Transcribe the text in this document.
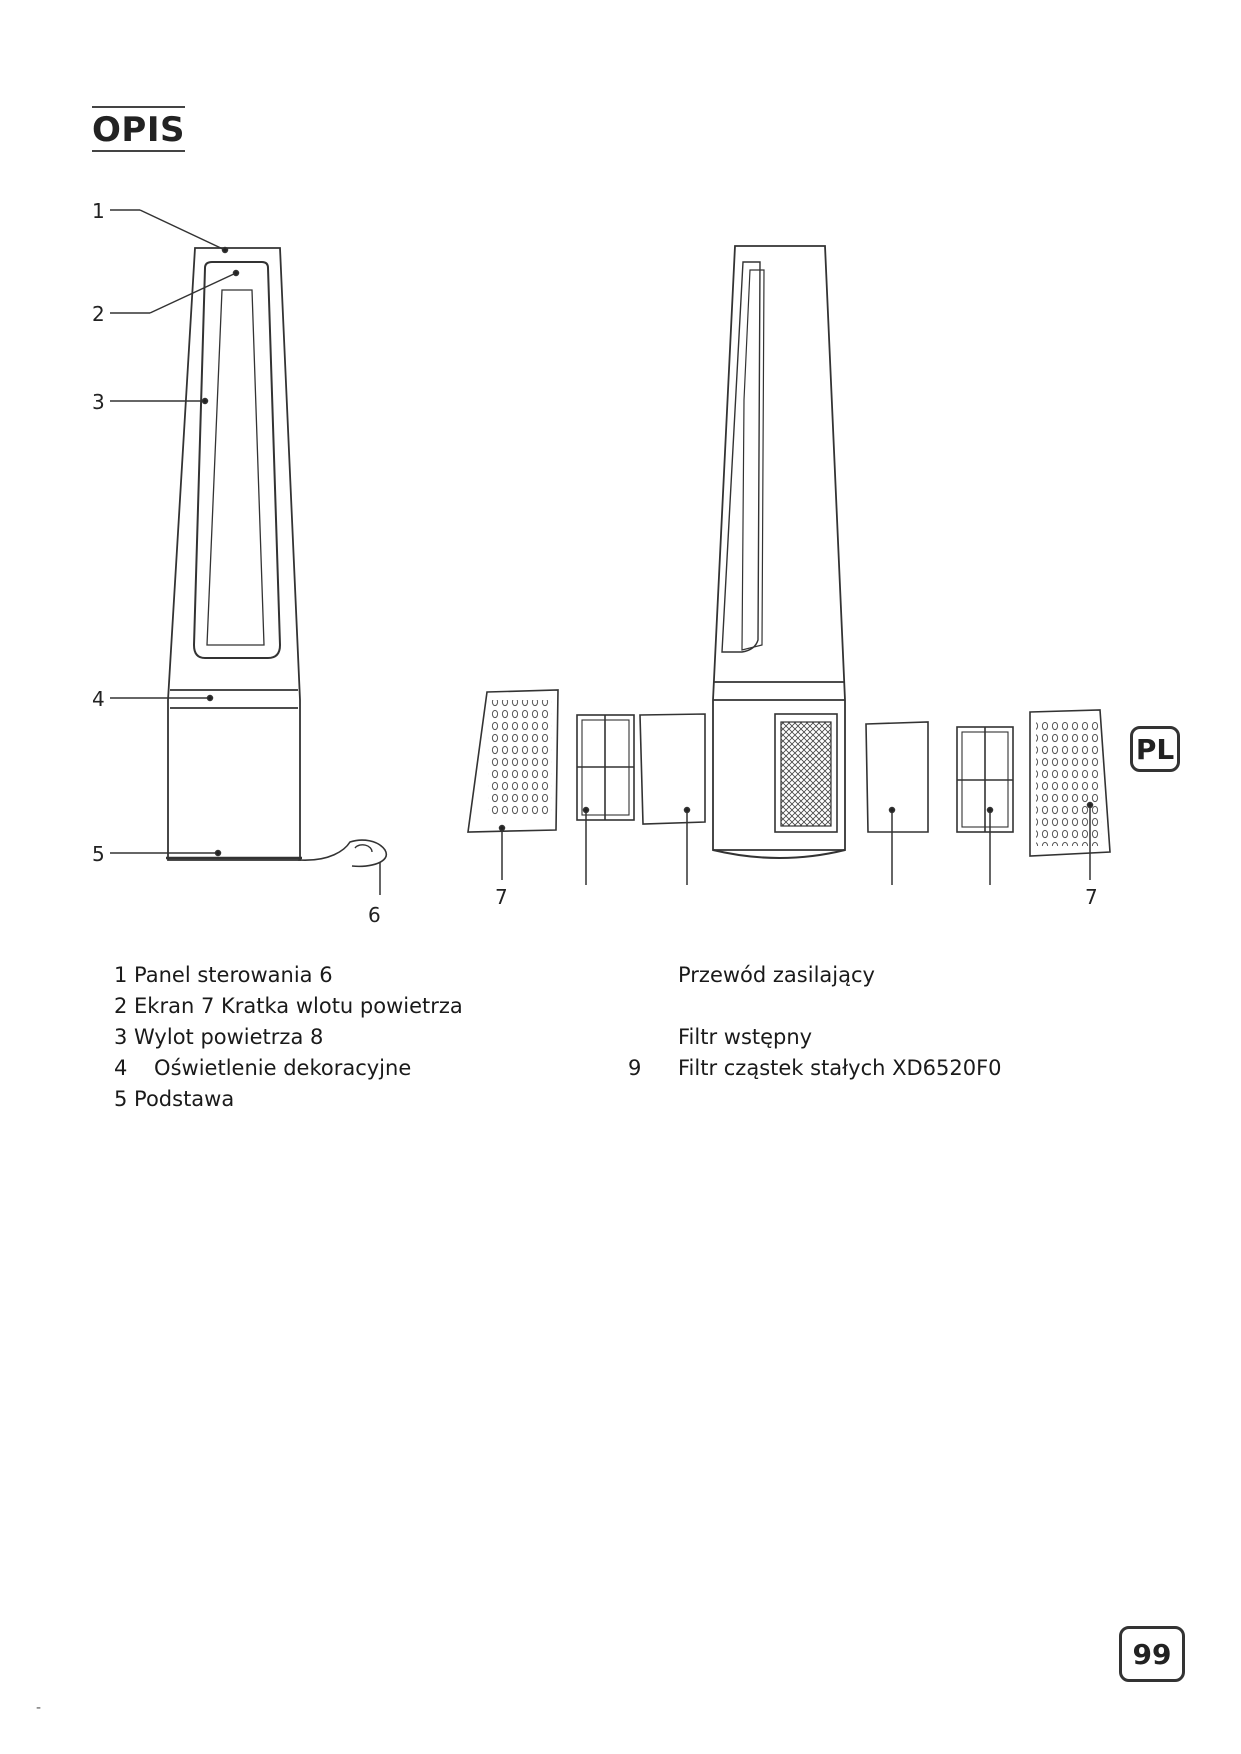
OPIS
1
2
3
4
5
6
7	7
PL
1 Panel sterowania 6
2 Ekran 7 Kratka wlotu powietrza
3 Wylot powietrza 8
4    Oświetlenie dekoracyjne
5 Podstawa
9
Przewód zasilający
Filtr wstępny
Filtr cząstek stałych XD6520F0
99
-
